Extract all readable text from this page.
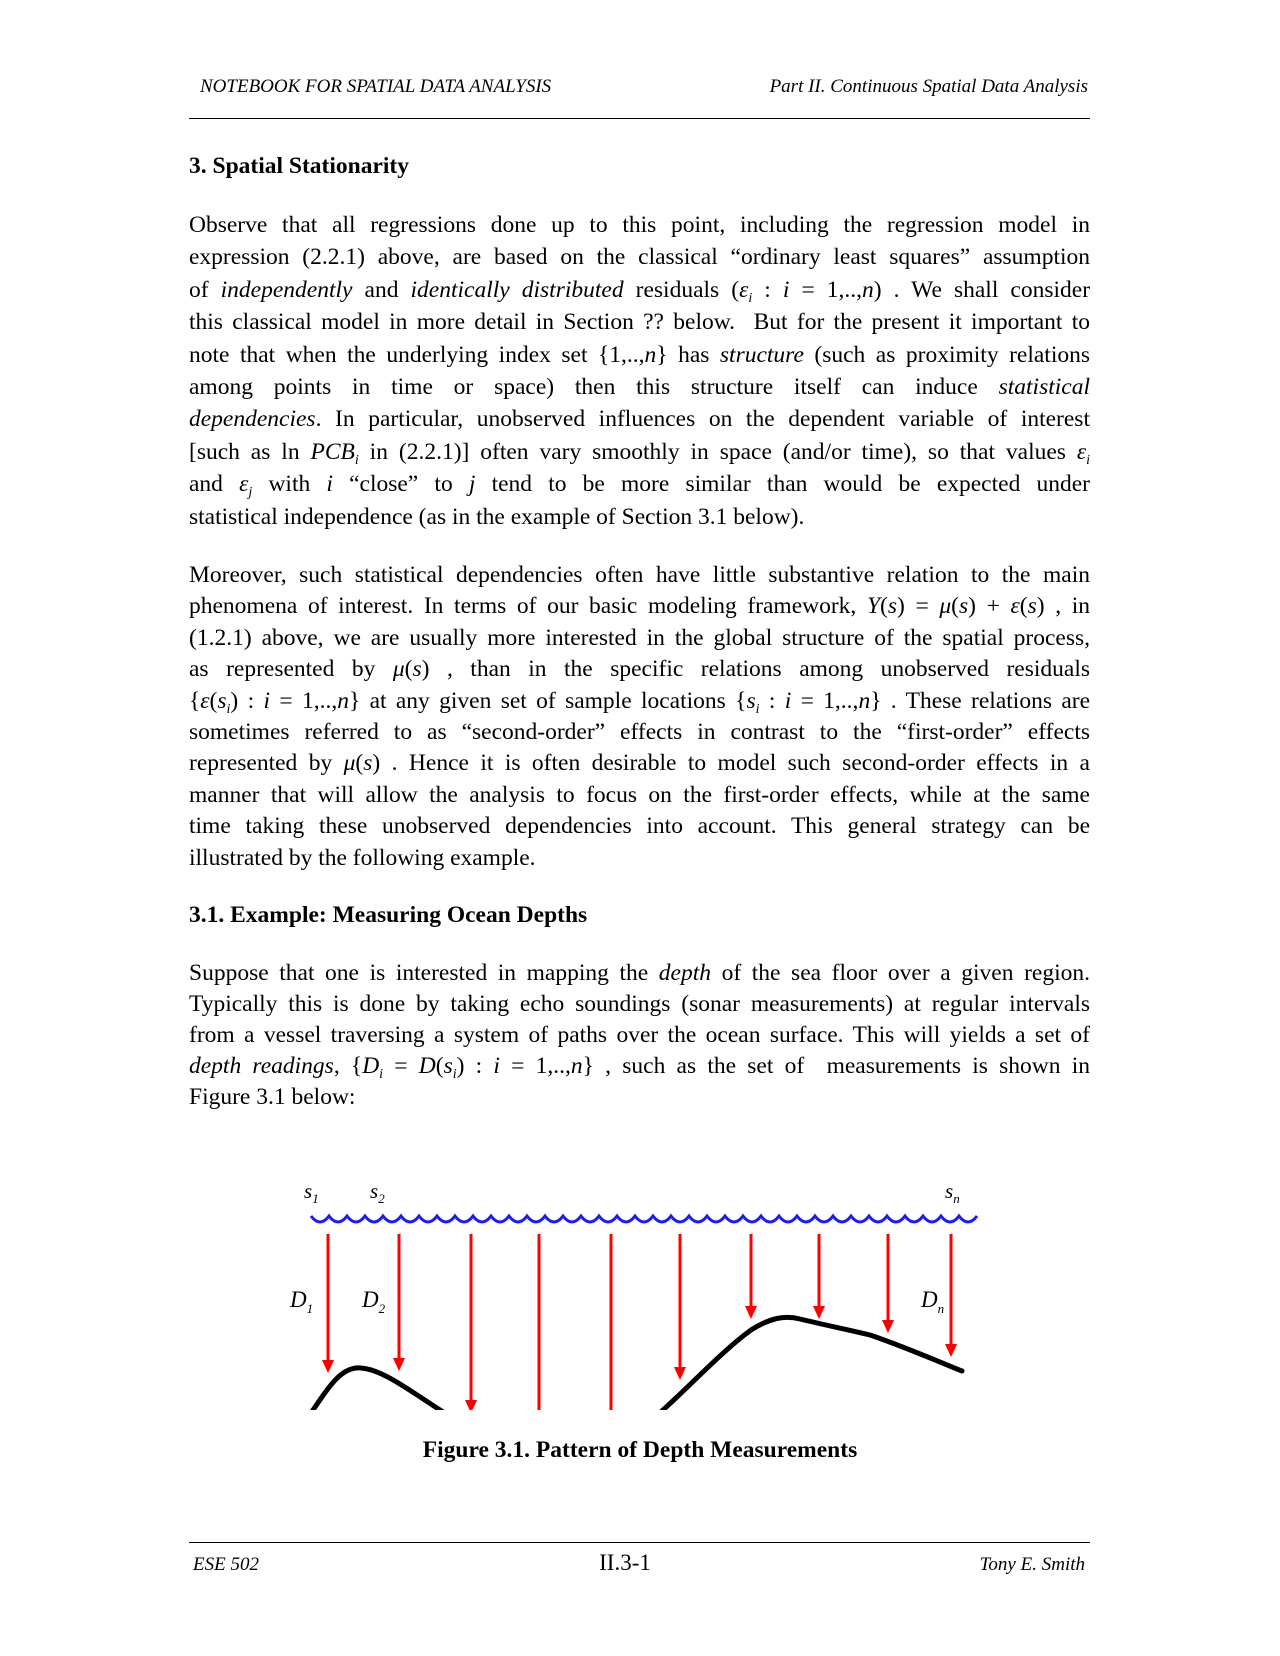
NOTEBOOK FOR SPATIAL DATA ANALYSIS	Part II. Continuous Spatial Data Analysis
3. Spatial Stationarity
Observe that all regressions done up to this point, including the regression model in
expression (2.2.1) above, are based on the classical “ordinary least squares” assumption
of independently and identically distributed residuals ($\varepsilon_i$ : i = 1,..,n) . We shall consider
this classical model in more detail in Section ?? below.  But for the present it important to
note that when the underlying index set {1,..,n} has structure (such as proximity relations
among points in time or space) then this structure itself can induce statistical
dependencies. In particular, unobserved influences on the dependent variable of interest
[such as $\ln PCB_i$ in (2.2.1)] often vary smoothly in space (and/or time), so that values $\varepsilon_i$
and $\varepsilon_j$ with i “close” to j tend to be more similar than would be expected under
statistical independence (as in the example of Section 3.1 below).
Moreover, such statistical dependencies often have little substantive relation to the main
phenomena of interest. In terms of our basic modeling framework, Y(s) = μ(s) + ε(s) , in
(1.2.1) above, we are usually more interested in the global structure of the spatial process,
as represented by μ(s) , than in the specific relations among unobserved residuals
{$\varepsilon(s_i)$ : i = 1,..,n} at any given set of sample locations {$s_i$ : i = 1,..,n} . These relations are
sometimes referred to as “second-order” effects in contrast to the “first-order” effects
represented by μ(s) . Hence it is often desirable to model such second-order effects in a
manner that will allow the analysis to focus on the first-order effects, while at the same
time taking these unobserved dependencies into account. This general strategy can be
illustrated by the following example.
3.1. Example: Measuring Ocean Depths
Suppose that one is interested in mapping the depth of the sea floor over a given region.
Typically this is done by taking echo soundings (sonar measurements) at regular intervals
from a vessel traversing a system of paths over the ocean surface. This will yields a set of
depth readings, {$D_i = D(s_i)$ : i = 1,..,n} , such as the set of  measurements is shown in
Figure 3.1 below:
$s_1$ $s_2$	$s_n$
$D_1$ $D_2$	$D_n$
Figure 3.1. Pattern of Depth Measurements
ESE 502	II.3-1	Tony E. Smith
